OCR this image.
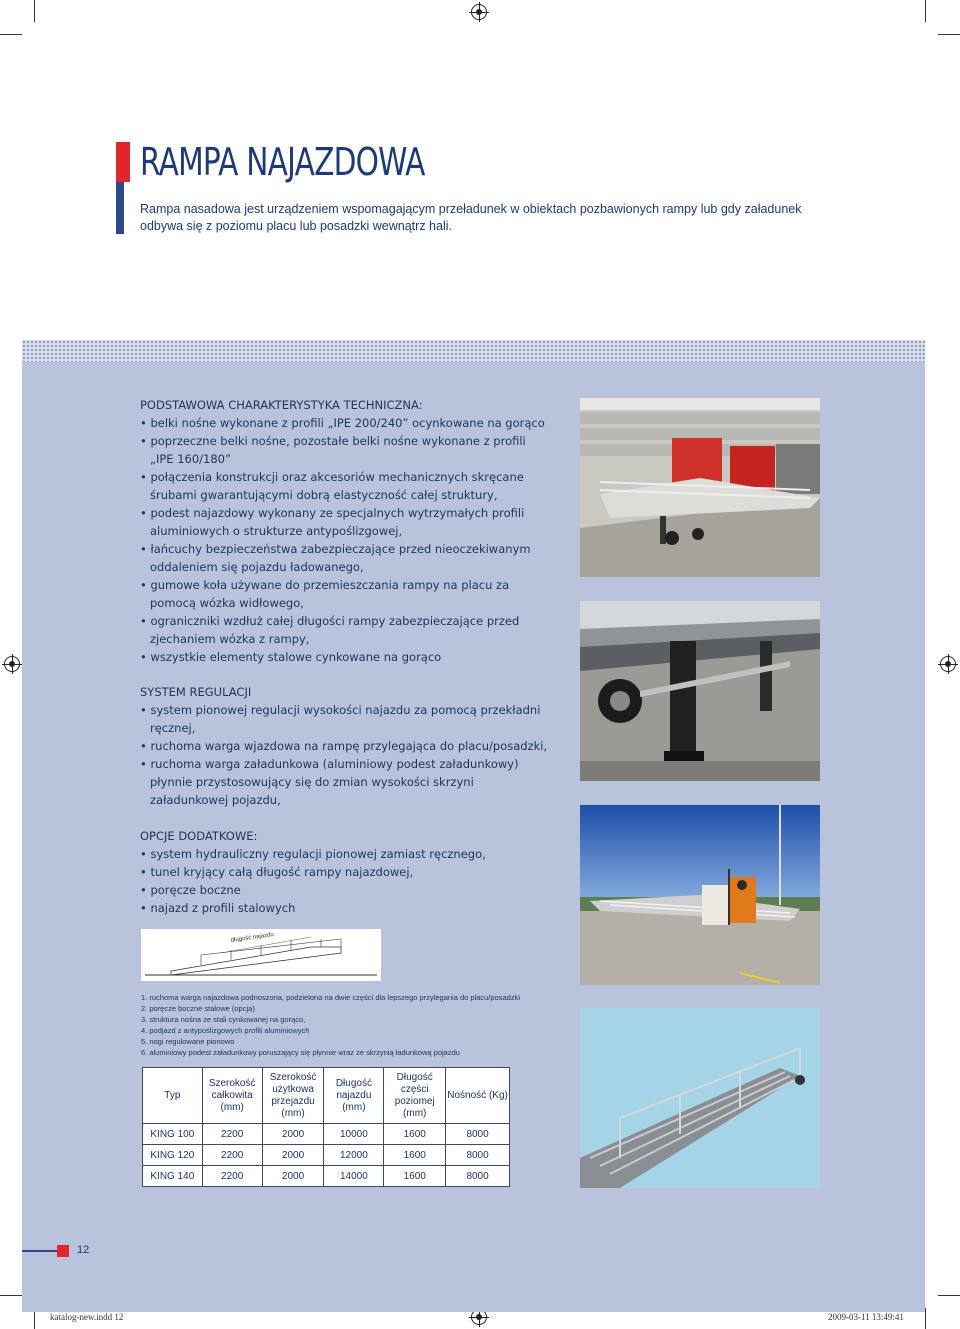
RAMPA NAJAZDOWA

Rampa nasadowa jest urządzeniem wspomagającym przeładunek w obiektach pozbawionych rampy lub gdy załadunek odbywa się z poziomu placu lub posadzki wewnątrz hali.

PODSTAWOWA CHARAKTERYSTYKA TECHNICZNA:
• belki nośne wykonane z profili „IPE 200/240” ocynkowane na gorąco
• poprzeczne belki nośne, pozostałe belki nośne wykonane z profili „IPE 160/180”
• połączenia konstrukcji oraz akcesoriów mechanicznych skręcane śrubami gwarantującymi dobrą elastyczność całej struktury,
• podest najazdowy wykonany ze specjalnych wytrzymałych profili aluminiowych o strukturze antypoślizgowej,
• łańcuchy bezpieczeństwa zabezpieczające przed nieoczekiwanym oddaleniem się pojazdu ładowanego,
• gumowe koła używane do przemieszczania rampy na placu za pomocą wózka widłowego,
• ograniczniki wzdłuż całej długości rampy zabezpieczające przed zjechaniem wózka z rampy,
• wszystkie elementy stalowe cynkowane na gorąco
SYSTEM REGULACJI
• system pionowej regulacji wysokości najazdu za pomocą przekładni ręcznej,
• ruchoma warga wjazdowa na rampę przylegająca do placu/posadzki,
• ruchoma warga załadunkowa (aluminiowy podest załadunkowy) płynnie przystosowujący się do zmian wysokości skrzyni załadunkowej pojazdu,
OPCJE DODATKOWE:
• system hydrauliczny regulacji pionowej zamiast ręcznego,
• tunel kryjący całą długość rampy najazdowej,
• poręcze boczne
• najazd z profili stalowych
długość najazdu
1. ruchoma warga najazdowa podnoszona, podzielona na dwie części dla lepszego przylegania do placu/posadzki
2. poręcze boczne stalowe (opcja)
3. struktura nośna ze stali cynkowanej na gorąco,
4. podjazd z antypoślizgowych profili aluminiowych
5. nogi regulowane pionowo
6. aluminiowy podest załadunkowy poruszający się płynnie wraz ze skrzynią ładunkową pojazdu
Typ	Szerokość całkowita (mm)	Szerokość użytkowa przejazdu (mm)	Długość najazdu (mm)	Długość części poziomej (mm)	Nośność (Kg)
KING 100	2200	2000	10000	1600	8000
KING 120	2200	2000	12000	1600	8000
KING 140	2200	2000	14000	1600	8000
12
katalog-new.indd 12	2009-03-11 13:49:41
